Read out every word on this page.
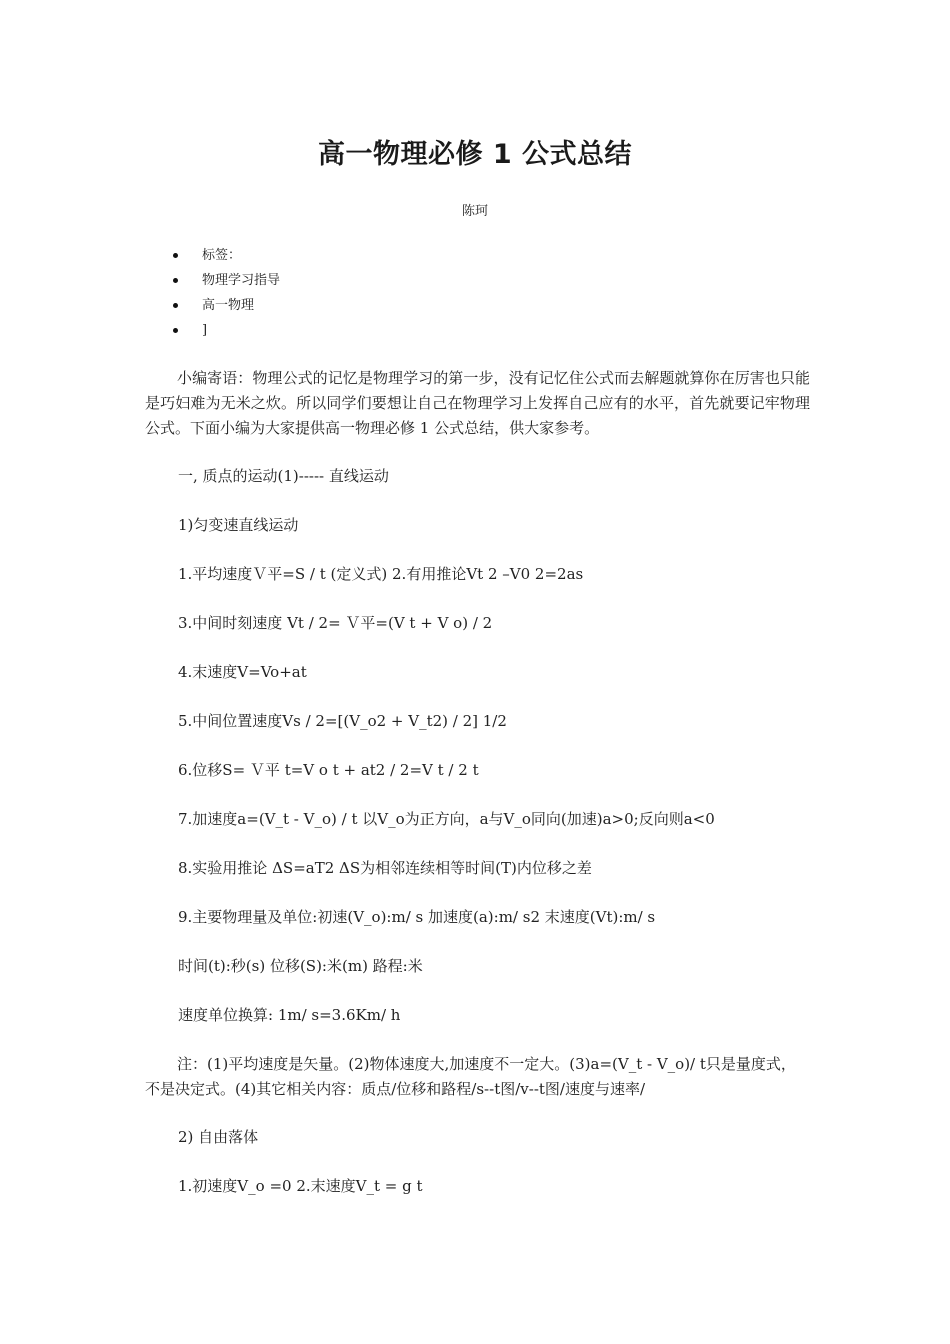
高一物理必修 1 公式总结
陈珂
标签：
物理学习指导
高一物理
]

小编寄语：物理公式的记忆是物理学习的第一步，没有记忆住公式而去解题就算你在厉害也只能是巧妇难为无米之炊。所以同学们要想让自己在物理学习上发挥自己应有的水平，首先就要记牢物理公式。下面小编为大家提供高一物理必修 1 公式总结，供大家参考。

一, 质点的运动(1)----- 直线运动

1)匀变速直线运动

1.平均速度Ｖ平=S / t (定义式) 2.有用推论Vt 2 –V0 2=2as

3.中间时刻速度 Vt / 2= Ｖ平=(V t + V o) / 2

4.末速度V=Vo+at

5.中间位置速度Vs / 2=[(V_o2 + V_t2) / 2] 1/2

6.位移S= Ｖ平 t=V o t + at2 / 2=V t / 2 t

7.加速度a=(V_t - V_o) / t 以V_o为正方向，a与V_o同向(加速)a>0;反向则a<0

8.实验用推论 ΔS=aT2 ΔS为相邻连续相等时间(T)内位移之差

9.主要物理量及单位:初速(V_o):m/ s 加速度(a):m/ s2 末速度(Vt):m/ s

时间(t):秒(s) 位移(S):米(m) 路程:米

速度单位换算: 1m/ s=3.6Km/ h

注：(1)平均速度是矢量。(2)物体速度大,加速度不一定大。(3)a=(V_t - V_o)/ t只是量度式，不是决定式。(4)其它相关内容：质点/位移和路程/s--t图/v--t图/速度与速率/

2) 自由落体

1.初速度V_o =0 2.末速度V_t = g t
